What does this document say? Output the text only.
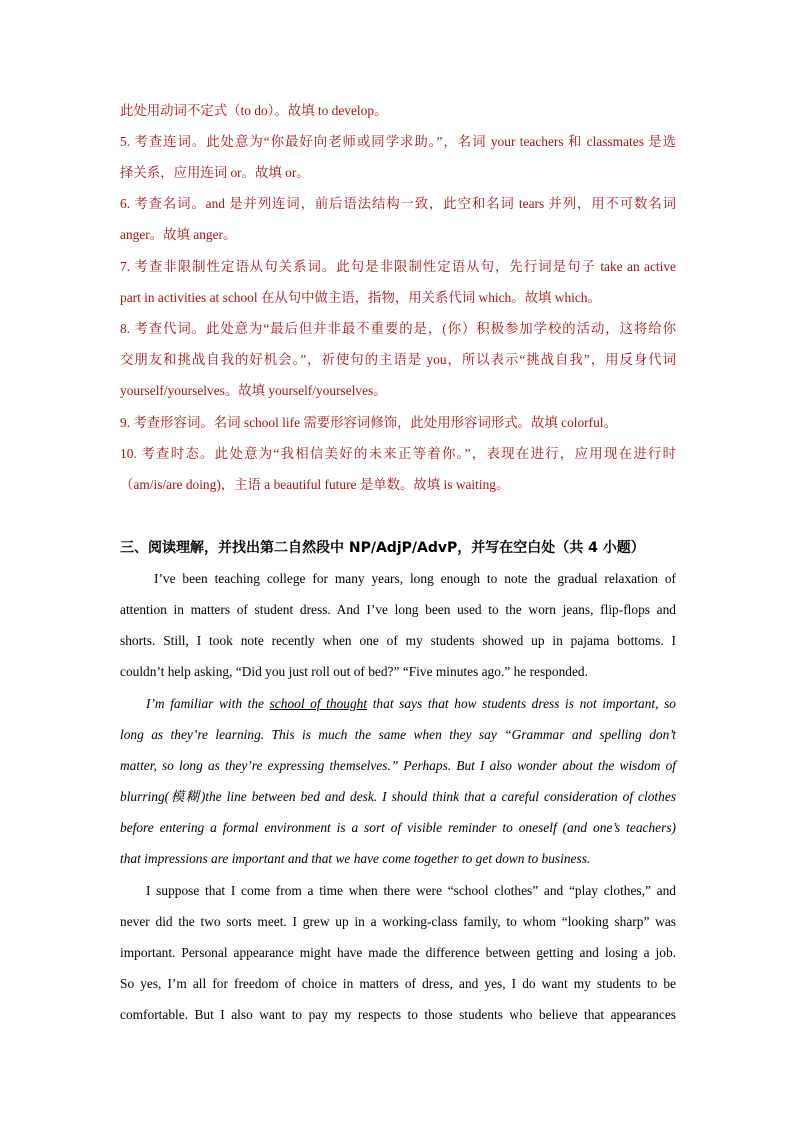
此处用动词不定式（to do）。故填 to develop。

5. 考查连词。此处意为“你最好向老师或同学求助。”，名词 your teachers 和 classmates 是选

择关系，应用连词 or。故填 or。

6. 考查名词。and 是并列连词，前后语法结构一致，此空和名词 tears 并列，用不可数名词

anger。故填 anger。

7. 考查非限制性定语从句关系词。此句是非限制性定语从句，先行词是句子 take an active

part in activities at school 在从句中做主语，指物，用关系代词 which。故填 which。

8. 考查代词。此处意为“最后但并非最不重要的是，(你）积极参加学校的活动，这将给你

交朋友和挑战自我的好机会。”，祈使句的主语是 you，所以表示“挑战自我”，用反身代词

yourself/yourselves。故填 yourself/yourselves。

9. 考查形容词。名词 school life 需要形容词修饰，此处用形容词形式。故填 colorful。

10. 考查时态。此处意为“我相信美好的未来正等着你。”，表现在进行，应用现在进行时

（am/is/are doing)，主语 a beautiful future 是单数。故填 is waiting。

三、阅读理解，并找出第二自然段中 NP/AdjP/AdvP，并写在空白处（共 4 小题）

I’ve been teaching college for many years, long enough to note the gradual relaxation of

attention in matters of student dress. And I’ve long been used to the worn jeans, flip-flops and

shorts. Still, I took note recently when one of my students showed up in pajama bottoms. I

couldn’t help asking, “Did you just roll out of bed?” “Five minutes ago.” he responded.

I’m familiar with the school of thought that says that how students dress is not important, so

long as they’re learning. This is much the same when they say “Grammar and spelling don’t

matter, so long as they’re expressing themselves.” Perhaps. But I also wonder about the wisdom of

blurring(模糊)the line between bed and desk. I should think that a careful consideration of clothes

before entering a formal environment is a sort of visible reminder to oneself (and one’s teachers)

that impressions are important and that we have come together to get down to business.

I suppose that I come from a time when there were “school clothes” and “play clothes,” and

never did the two sorts meet. I grew up in a working-class family, to whom “looking sharp” was

important. Personal appearance might have made the difference between getting and losing a job.

So yes, I’m all for freedom of choice in matters of dress, and yes, I do want my students to be

comfortable. But I also want to pay my respects to those students who believe that appearances
